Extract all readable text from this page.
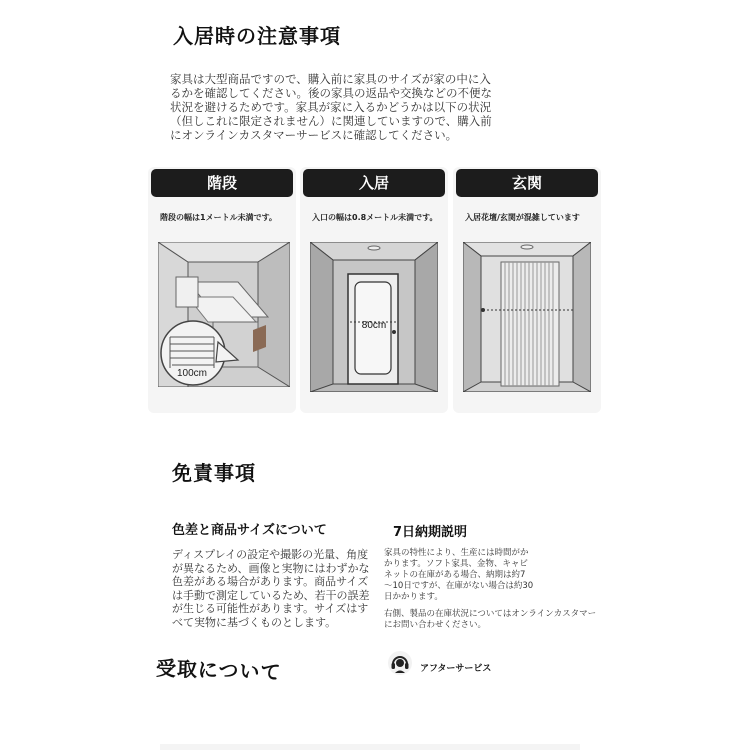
入居時の注意事項
家具は大型商品ですので、購入前に家具のサイズが家の中に入
るかを確認してください。後の家具の返品や交換などの不便な
状況を避けるためです。家具が家に入るかどうかは以下の状況
（但しこれに限定されません）に関連していますので、購入前
にオンラインカスタマーサービスに確認してください。
階段
階段の幅は1メートル未満です。
100cm
入居
入口の幅は0.8メートル未満です。
80cm
玄関
入居花壇/玄関が混雑しています
免責事項
色差と商品サイズについて	7日納期説明
ディスプレイの設定や撮影の光量、角度
が異なるため、画像と実物にはわずかな
色差がある場合があります。商品サイズ
は手動で測定しているため、若干の誤差
が生じる可能性があります。サイズはす
べて実物に基づくものとします。
家具の特性により、生産には時間がか
かります。ソフト家具、金物、キャビ
ネットの在庫がある場合、納期は約7
〜10日ですが、在庫がない場合は約30
日かかります。
右側、製品の在庫状況についてはオンラインカスタマー
にお問い合わせください。
受取について	アフターサービス
